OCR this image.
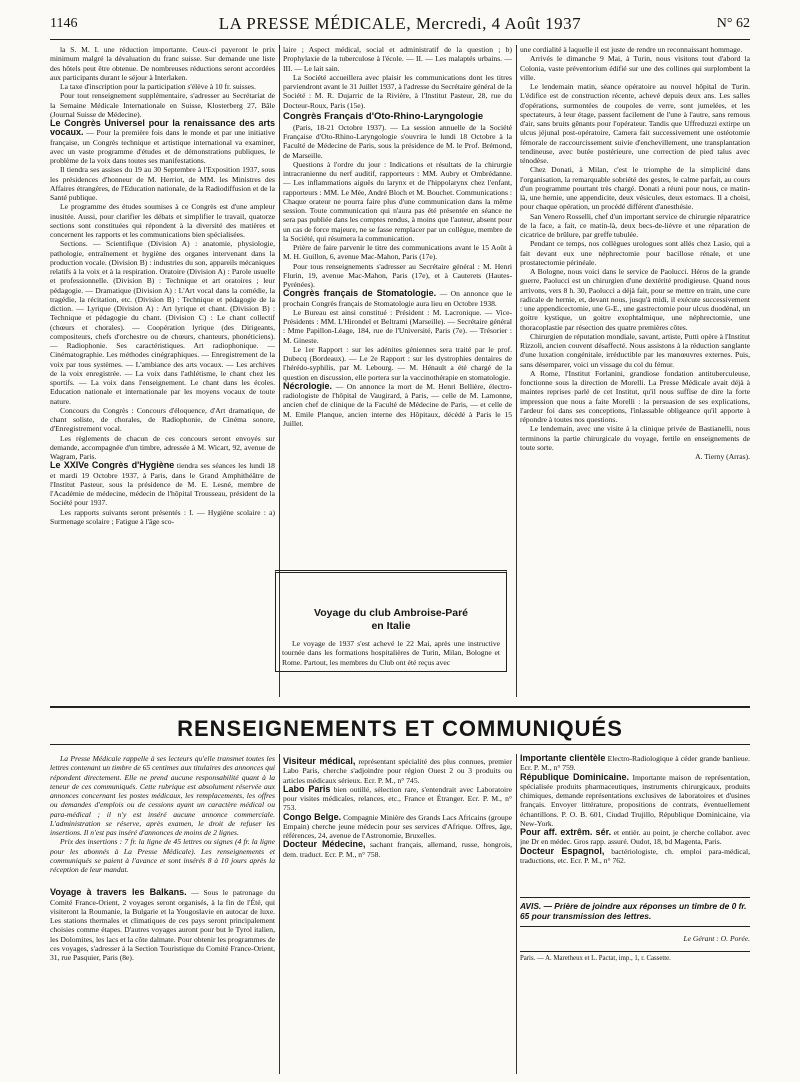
1146	LA PRESSE MÉDICALE, Mercredi, 4 Août 1937	N° 62

la S. M. I. une réduction importante. Ceux-ci payeront le prix minimum malgré la dévaluation du franc suisse. Sur demande une liste des hôtels peut être obtenue. De nombreuses réductions seront accordées aux participants durant le séjour à Interlaken.

La taxe d'inscription pour la participation s'élève à 10 fr. suisses.

Pour tout renseignement supplémentaire, s'adresser au Secrétariat de la Semaine Médicale Internationale en Suisse, Klosterberg 27, Bâle (Journal Suisse de Médecine).

Le Congrès Universel pour la renaissance des arts vocaux. — Pour la première fois dans le monde et par une initiative française, un Congrès technique et artistique international va examiner, avec un vaste programme d'études et de démonstrations publiques, le problème de la voix dans toutes ses manifestations.

Il tiendra ses assises du 19 au 30 Septembre à l'Exposition 1937, sous les présidences d'honneur de M. Herriot, de MM. les Ministres des Affaires étrangères, de l'Education nationale, de la Radiodiffusion et de la Santé publique.

Le programme des études soumises à ce Congrès est d'une ampleur inusitée. Aussi, pour clarifier les débats et simplifier le travail, quatorze sections sont constituées qui répondent à la diversité des matières et concernent les rapports et les communications bien spécialisées.

Sections. — Scientifique (Division A) : anatomie, physiologie, pathologie, entraînement et hygiène des organes intervenant dans la production vocale. (Division B) : industries du son, appareils mécaniques relatifs à la voix et à la respiration. Oratoire (Division A) : Parole usuelle et professionnelle. (Division B) : Technique et art oratoires ; leur pédagogie. — Dramatique (Division A) : L'Art vocal dans la comédie, la tragédie, la récitation, etc. (Division B) : Technique et pédagogie de la diction. — Lyrique (Division A) : Art lyrique et chant. (Division B) : Technique et pédagogie du chant. (Division C) : Le chant collectif (chœurs et chorales). — Coopération lyrique (des Dirigeants, compositeurs, chefs d'orchestre ou de chœurs, chanteurs, phonéticiens). — Radiophonie. Ses caractéristiques. Art radiophonique. — Cinématographie. Les méthodes cinégraphiques. — Enregistrement de la voix par tous systèmes. — L'ambiance des arts vocaux. — Les archives de la voix enregistrée. — La voix dans l'athlétisme, le chant chez les sportifs. — La voix dans l'enseignement. Le chant dans les écoles. Education nationale et internationale par les moyens vocaux de toute nature.

Concours du Congrès : Concours d'éloquence, d'Art dramatique, de chant soliste, de chorales, de Radiophonie, de Cinéma sonore, d'Enregistrement vocal.

Les règlements de chacun de ces concours seront envoyés sur demande, accompagnée d'un timbre, adressée à M. Wicart, 92, avenue de Wagram, Paris.

Le XXIVe Congrès d'Hygiène tiendra ses séances les lundi 18 et mardi 19 Octobre 1937, à Paris, dans le Grand Amphithéâtre de l'Institut Pasteur, sous la présidence de M. E. Lesné, membre de l'Académie de médecine, médecin de l'hôpital Trousseau, président de la Société pour 1937.

Les rapports suivants seront présentés : I. — Hygiène scolaire : a) Surmenage scolaire ; Fatigue à l'âge sco-

laire ; Aspect médical, social et administratif de la question ; b) Prophylaxie de la tuberculose à l'école. — II. — Les malaptés urbains. — III. — Le lait sain.

La Société accueillera avec plaisir les communications dont les titres parviendront avant le 31 Juillet 1937, à l'adresse du Secrétaire général de la Société : M. R. Dujarric de la Rivière, à l'Institut Pasteur, 28, rue du Docteur-Roux, Paris (15e).

Congrès Français d'Oto-Rhino-Laryngologie

(Paris, 18-21 Octobre 1937). — La session annuelle de la Société Française d'Oto-Rhino-Laryngologie s'ouvrira le lundi 18 Octobre à la Faculté de Médecine de Paris, sous la présidence de M. le Prof. Brémond, de Marseille.

Questions à l'ordre du jour : Indications et résultats de la chirurgie intracranienne du nerf auditif, rapporteurs : MM. Aubry et Ombrédanne. — Les inflammations aiguës du larynx et de l'hippolarynx chez l'enfant, rapporteurs : MM. Le Mée, André Bloch et M. Bouchet. Communications : Chaque orateur ne pourra faire plus d'une communication dans la même session. Toute communication qui n'aura pas été présentée en séance ne sera pas publiée dans les comptes rendus, à moins que l'auteur, absent pour un cas de force majeure, ne se fasse remplacer par un collègue, membre de la Société, qui résumera la communication.

Prière de faire parvenir le titre des communications avant le 15 Août à M. H. Guillon, 6, avenue Mac-Mahon, Paris (17e).

Pour tous renseignements s'adresser au Secrétaire général : M. Henri Flurin, 19, avenue Mac-Mahon, Paris (17e), et à Cauterets (Hautes-Pyrénées).

Congrès français de Stomatologie. — On annonce que le prochain Congrès français de Stomatologie aura lieu en Octobre 1938.

Le Bureau est ainsi constitué : Président : M. Lacronique. — Vice-Présidents : MM. L'Hirondel et Beltrami (Marseille). — Secrétaire général : Mme Papillon-Léage, 184, rue de l'Université, Paris (7e). — Trésorier : M. Gineste.

Le 1er Rapport : sur les adénites géniennes sera traité par le prof. Dubecq (Bordeaux). — Le 2e Rapport : sur les dystrophies dentaires de l'hérédo-syphilis, par M. Lebourg. — M. Hénault a été chargé de la question en discussion, elle portera sur la vaccinothérapie en stomatologie.

Nécrologie. — On annonce la mort de M. Henri Bellière, électro-radiologiste de l'hôpital de Vaugirard, à Paris, — celle de M. Lamonne, ancien chef de clinique de la Faculté de Médecine de Paris, — et celle de M. Emile Planque, ancien interne des Hôpitaux, décédé à Paris le 15 Juillet.

Voyage du club Ambroise-Paré
en Italie
Le voyage de 1937 s'est achevé le 22 Mai, après une instructive tournée dans les formations hospitalières de Turin, Milan, Bologne et Rome. Partout, les membres du Club ont été reçus avec

une cordialité à laquelle il est juste de rendre un reconnaissant hommage.

Arrivés le dimanche 9 Mai, à Turin, nous visitons tout d'abord la Colonia, vaste préventorium édifié sur une des collines qui surplombent la ville.

Le lendemain matin, séance opératoire au nouvel hôpital de Turin. L'édifice est de construction récente, achevé depuis deux ans. Les salles d'opérations, surmontées de coupoles de verre, sont jumelées, et les spectateurs, à leur étage, passent facilement de l'une à l'autre, sans remous d'air, sans bruits gênants pour l'opérateur. Tandis que Uffreduzzi extirpe un ulcus jéjunal post-opératoire, Camera fait successivement une ostéotomie fémorale de raccourcissement suivie d'enchevillement, une transplantation tendineuse, avec butée postérieure, une correction de pied talus avec ténodèse.

Chez Donati, à Milan, c'est le triomphe de la simplicité dans l'organisation, la remarquable sobriété des gestes, le calme parfait, au cours d'un programme pourtant très chargé. Donati a réuni pour nous, ce matin-là, une hernie, une appendicite, deux vésicules, deux estomacs. Il a choisi, pour chaque opération, un procédé différent d'anesthésie.

San Venero Rosselli, chef d'un important service de chirurgie réparatrice de la face, a fait, ce matin-là, deux becs-de-lièvre et une réparation de cicatrice de brûlure, par greffe tubulée.

Pendant ce temps, nos collègues urologues sont allés chez Lasio, qui a fait devant eux une néphrectomie pour bacillose rénale, et une prostatectomie périnéale.

A Bologne, nous voici dans le service de Paolucci. Héros de la grande guerre, Paolucci est un chirurgien d'une dextérité prodigieuse. Quand nous arrivons, vers 8 h. 30, Paolucci a déjà fait, pour se mettre en train, une cure radicale de hernie, et, devant nous, jusqu'à midi, il exécute successivement : une appendicectomie, une G-E., une gastrectomie pour ulcus duodénal, un goitre kystique, un goitre exophtalmique, une néphrectomie, une thoracoplastie par résection des quatre premières côtes.

Chirurgien de réputation mondiale, savant, artiste, Putti opère à l'Institut Rizzoli, ancien couvent désaffecté. Nous assistons à la réduction sanglante d'une luxation congénitale, irréductible par les manœuvres externes. Puis, sans désemparer, voici un vissage du col du fémur.

A Rome, l'Institut Forlanini, grandiose fondation antituberculeuse, fonctionne sous la direction de Morelli. La Presse Médicale avait déjà à maintes reprises parlé de cet Institut, qu'il nous suffise de dire la forte impression que nous a faite Morelli : la persuasion de ses explications, l'ardeur foi dans ses conceptions, l'inlassable obligeance qu'il apporte à répondre à toutes nos questions.

Le lendemain, avec une visite à la clinique privée de Bastianelli, nous terminons la partie chirurgicale du voyage, fertile en enseignements de toute sorte.

A. Tierny (Arras).
RENSEIGNEMENTS ET COMMUNIQUÉS

La Presse Médicale rappelle à ses lecteurs qu'elle transmet toutes les lettres contenant un timbre de 65 centimes aux titulaires des annonces qui répondent directement. Elle ne prend aucune responsabilité quant à la teneur de ces communiqués. Cette rubrique est absolument réservée aux annonces concernant les postes médicaux, les remplacements, les offres ou demandes d'emplois ou de cessions ayant un caractère médical ou para-médical ; il n'y est inséré aucune annonce commerciale. L'administration se réserve, après examen, le droit de refuser les insertions. Il n'est pas inséré d'annonces de moins de 2 lignes.

Prix des insertions : 7 fr. la ligne de 45 lettres ou signes (4 fr. la ligne pour les abonnés à La Presse Médicale). Les renseignements et communiqués se paient à l'avance et sont insérés 8 à 10 jours après la réception de leur mandat.

Voyage à travers les Balkans. — Sous le patronage du Comité France-Orient, 2 voyages seront organisés, à la fin de l'Été, qui visiteront la Roumanie, la Bulgarie et la Yougoslavie en autocar de luxe. Les stations thermales et climatiques de ces pays seront principalement choisies comme étapes. D'autres voyages auront pour but le Tyrol italien, les Dolomites, les lacs et la côte dalmate. Pour obtenir les programmes de ces voyages, s'adresser à la Section Touristique du Comité France-Orient, 31, rue Pasquier, Paris (8e).

Visiteur médical, représentant spécialité des plus connues, premier Labo Paris, cherche s'adjoindre pour région Ouest 2 ou 3 produits ou articles médicaux sérieux. Ecr. P. M., n° 745.

Labo Paris bien outillé, sélection rare, s'entendrait avec Laboratoire pour visites médicales, relances, etc., France et Étranger. Ecr. P. M., n° 753.

Congo Belge. Compagnie Minière des Grands Lacs Africains (groupe Empain) cherche jeune médecin pour ses services d'Afrique. Offres, âge, références, 24, avenue de l'Astronomie, Bruxelles.

Docteur Médecine, sachant français, allemand, russe, hongrois, dem. traduct. Ecr. P. M., n° 758.

Importante clientèle Electro-Radiologique à céder grande banlieue. Ecr. P. M., n° 759.

République Dominicaine. Importante maison de représentation, spécialisée produits pharmaceutiques, instruments chirurgicaux, produits chimiques, demande représentations exclusives de laboratoires et d'usines français. Envoyer littérature, propositions de contrats, éventuellement échantillons. P. O. B. 601, Ciudad Trujillo, République Dominicaine, via New-York.

Pour aff. extrêm. sér. et entièr. au point, je cherche collabor. avec jne Dr en médec. Gros rapp. assuré. Oudot, 18, bd Magenta, Paris.

Docteur Espagnol, bactériologiste, ch. emploi para-médical, traductions, etc. Ecr. P. M., n° 762.

AVIS. — Prière de joindre aux réponses un timbre de 0 fr. 65 pour transmission des lettres.
Le Gérant : O. Porée.
Paris. — A. Maretheux et L. Pactat, imp., 1, r. Cassette.
